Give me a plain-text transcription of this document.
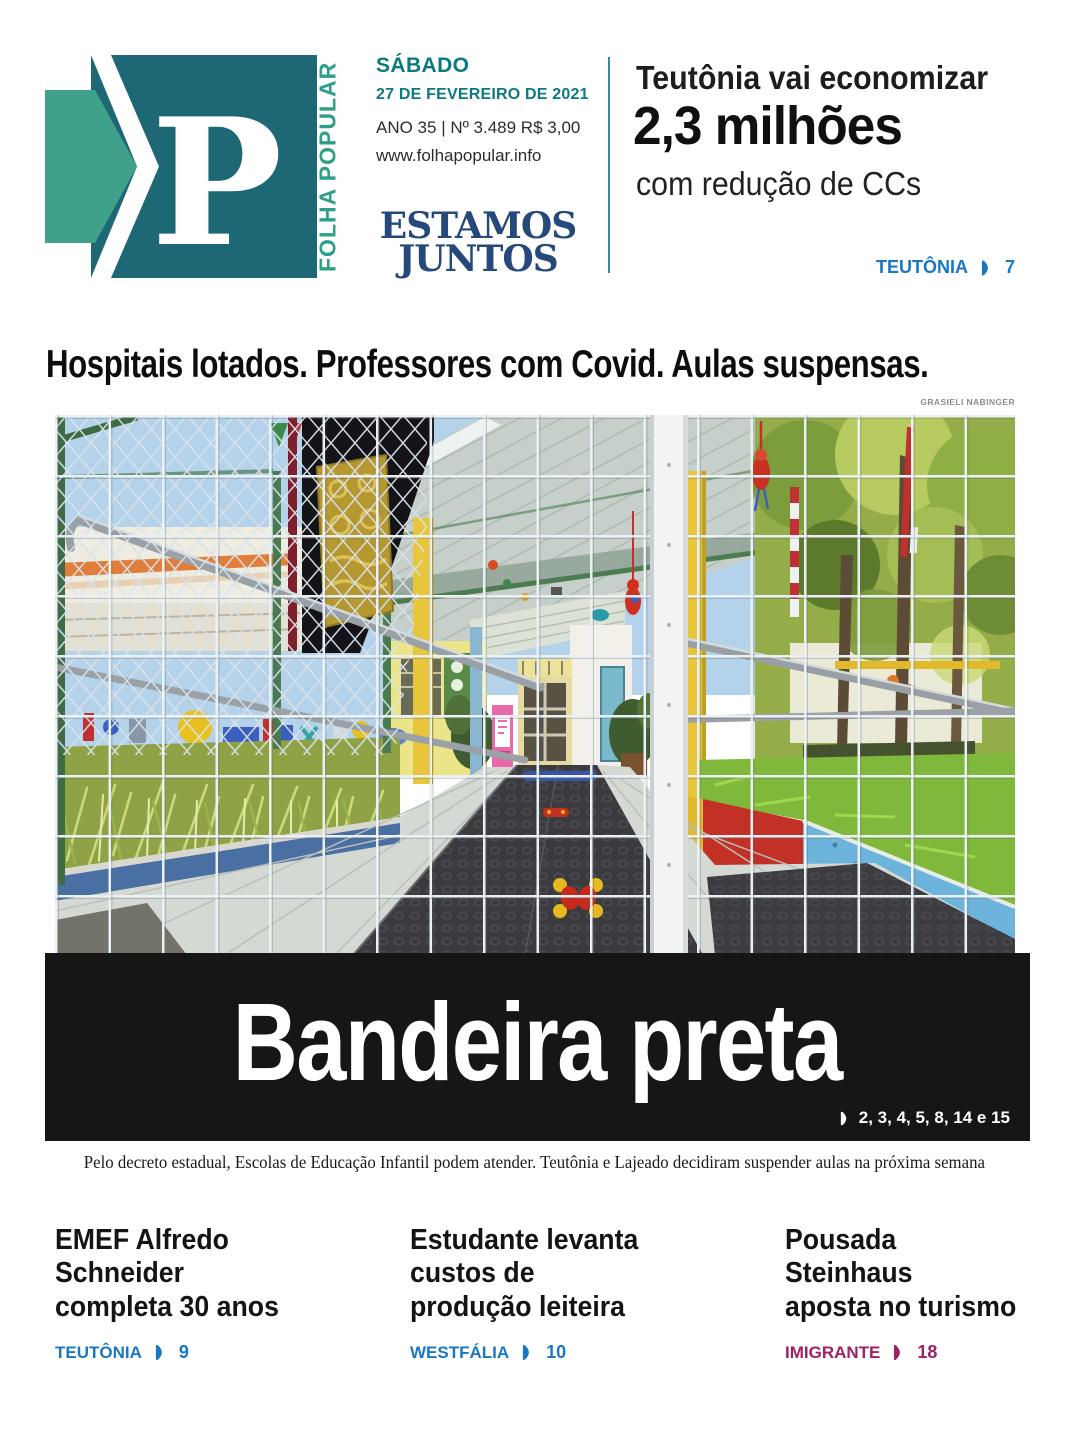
P FOLHA POPULAR SÁBADO
27 DE FEVEREIRO DE 2021
ANO 35 | Nº 3.489 R$ 3,00
www.folhapopular.info
ESTAMOS
JUNTOS
Teutônia vai economizar
2,3 milhões
com redução de CCs
TEUTÔNIA 7
Hospitais lotados. Professores com Covid. Aulas suspensas.
GRASIELI NABINGER
Bandeira preta
2, 3, 4, 5, 8, 14 e 15
Pelo decreto estadual, Escolas de Educação Infantil podem atender. Teutônia e Lajeado decidiram suspender aulas na próxima semana
EMEF Alfredo
Schneider
completa 30 anos
TEUTÔNIA 9
Estudante levanta
custos de
produção leiteira
WESTFÁLIA 10
Pousada
Steinhaus
aposta no turismo
IMIGRANTE 18
